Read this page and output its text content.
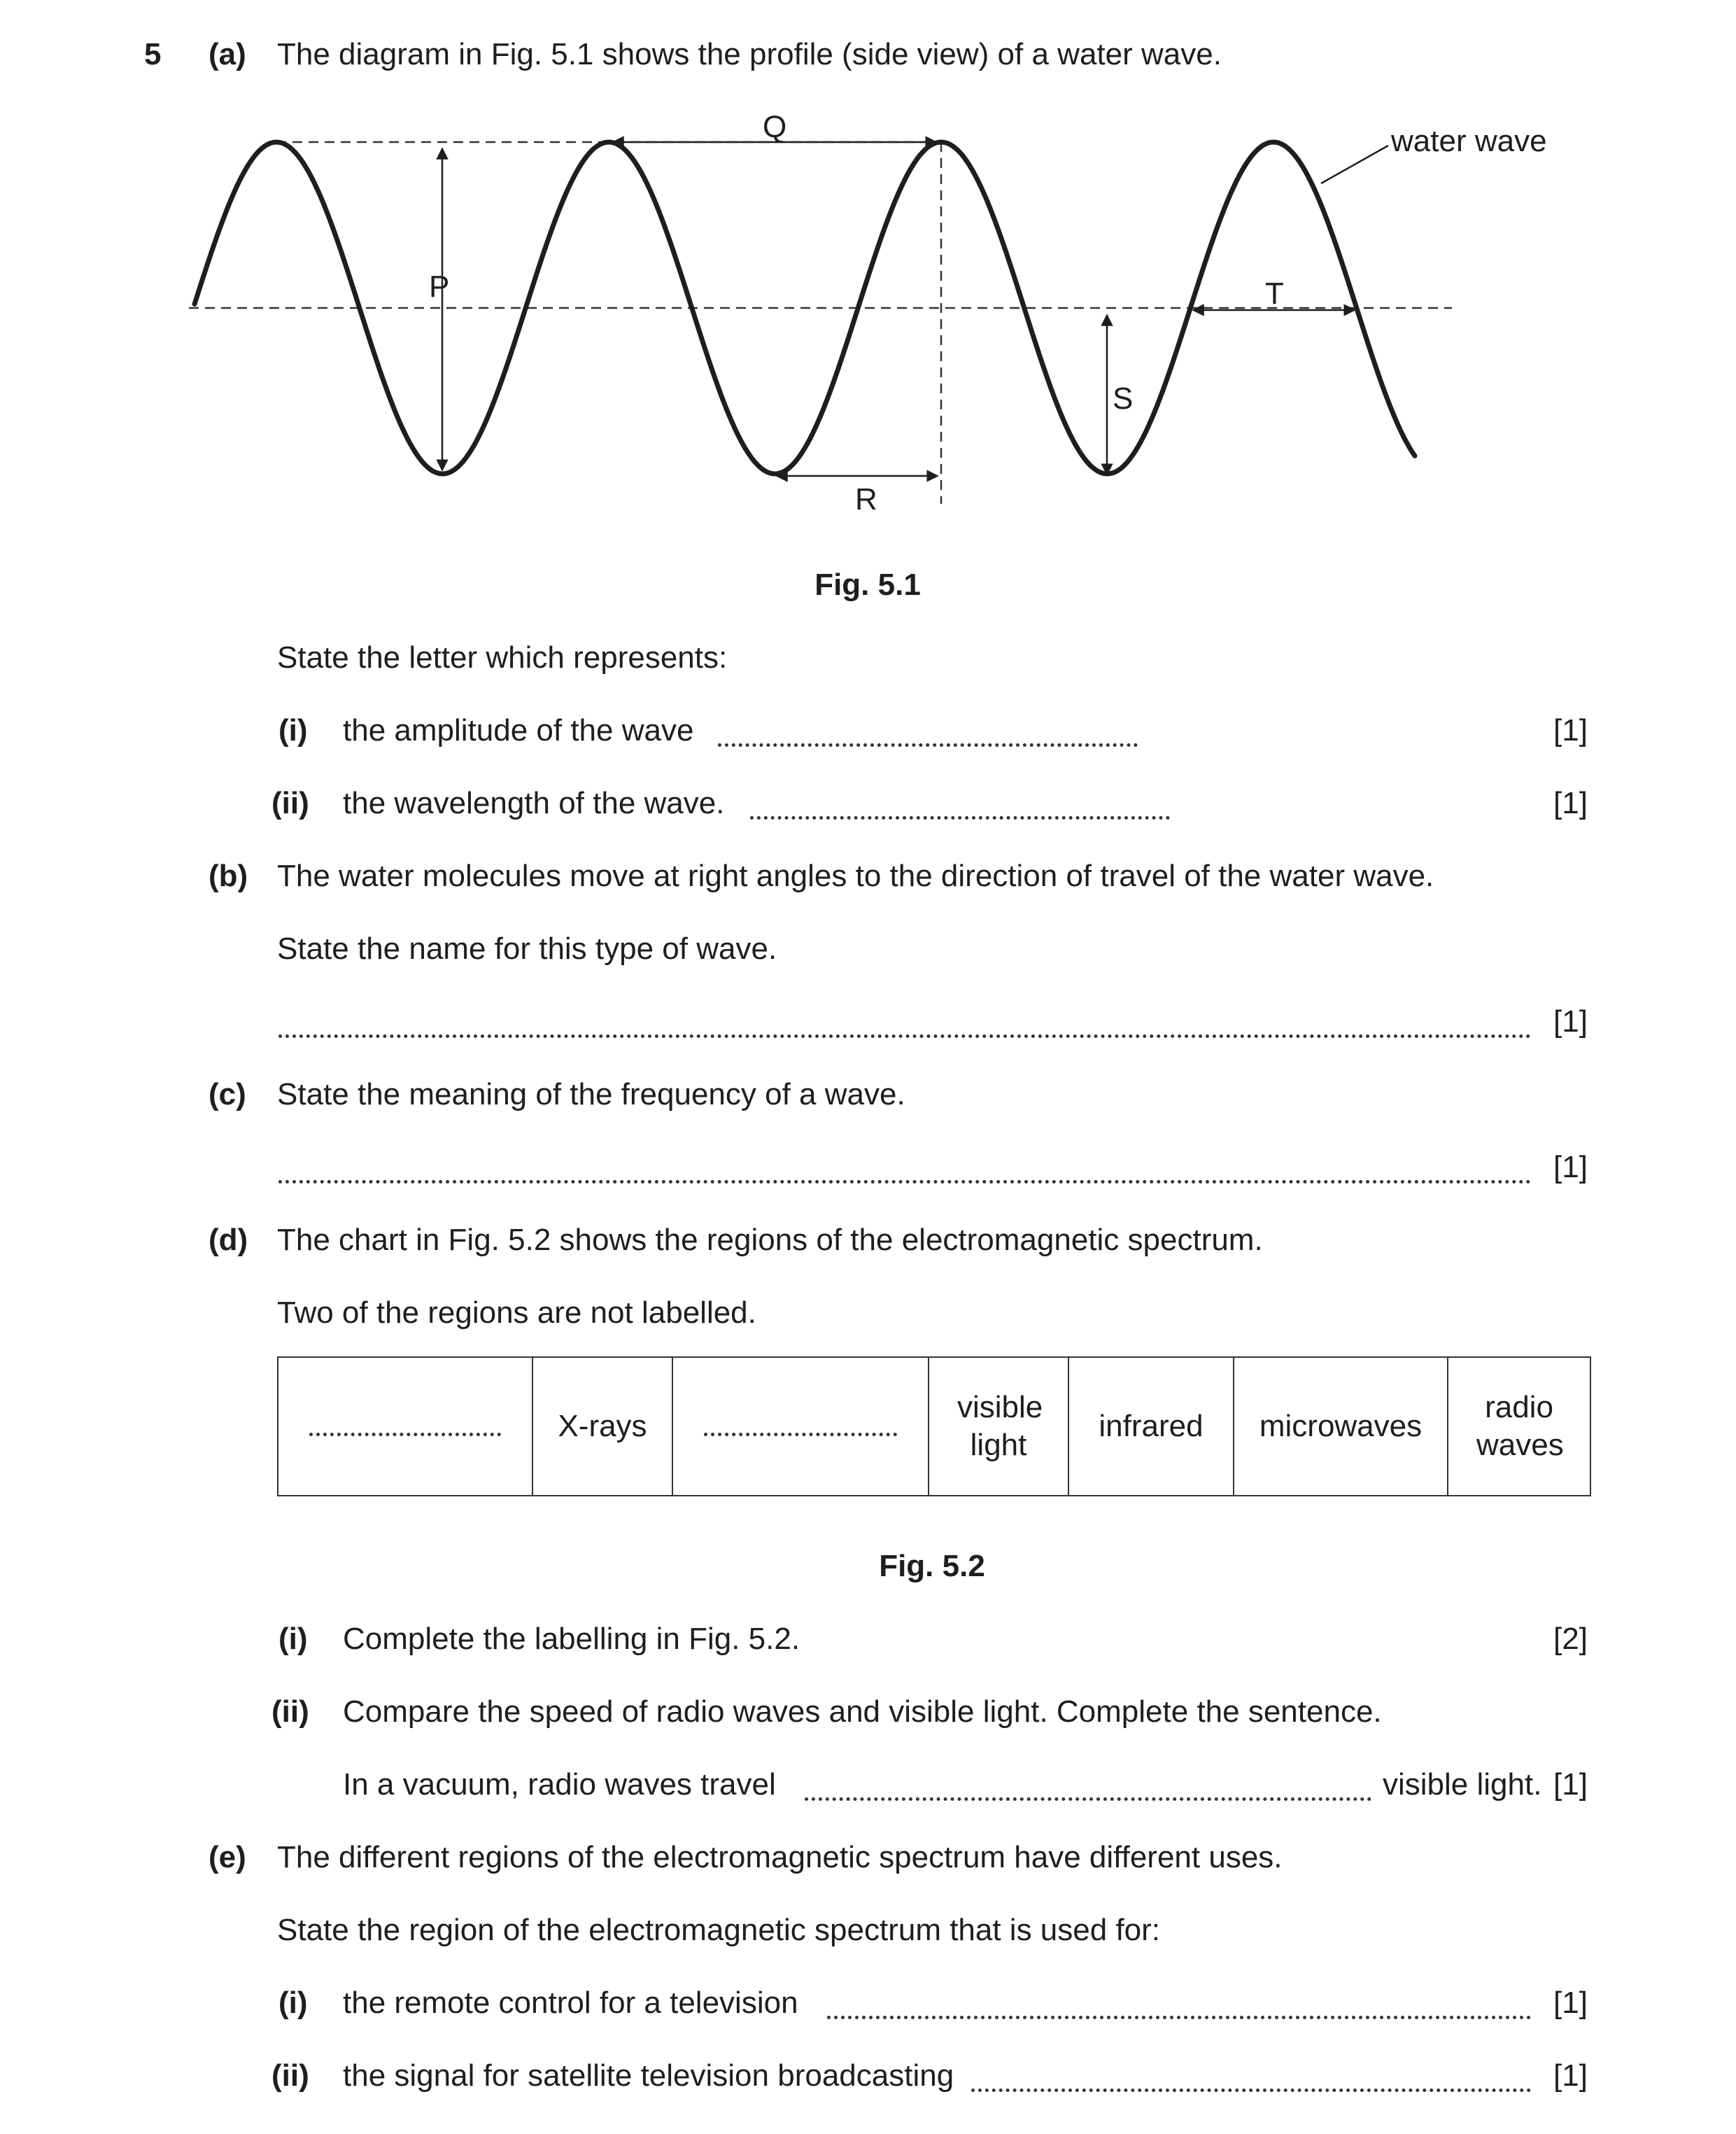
5 (a) The diagram in Fig. 5.1 shows the profile (side view) of a water wave.
P
Q
R
S
T
water wave
Fig. 5.1
State the letter which represents:
(i) the amplitude of the wave	[1]
(ii) the wavelength of the wave.	[1]
(b) The water molecules move at right angles to the direction of travel of the water wave.
State the name for this type of wave.
[1]
(c) State the meaning of the frequency of a wave.
[1]
(d) The chart in Fig. 5.2 shows the regions of the electromagnetic spectrum.
Two of the regions are not labelled.
	X-rays		visible light	infrared	microwaves	radio waves
Fig. 5.2
(i) Complete the labelling in Fig. 5.2.	[2]
(ii) Compare the speed of radio waves and visible light. Complete the sentence.
In a vacuum, radio waves travel	visible light. [1]
(e) The different regions of the electromagnetic spectrum have different uses.
State the region of the electromagnetic spectrum that is used for:
(i) the remote control for a television	[1]
(ii) the signal for satellite television broadcasting	[1]
